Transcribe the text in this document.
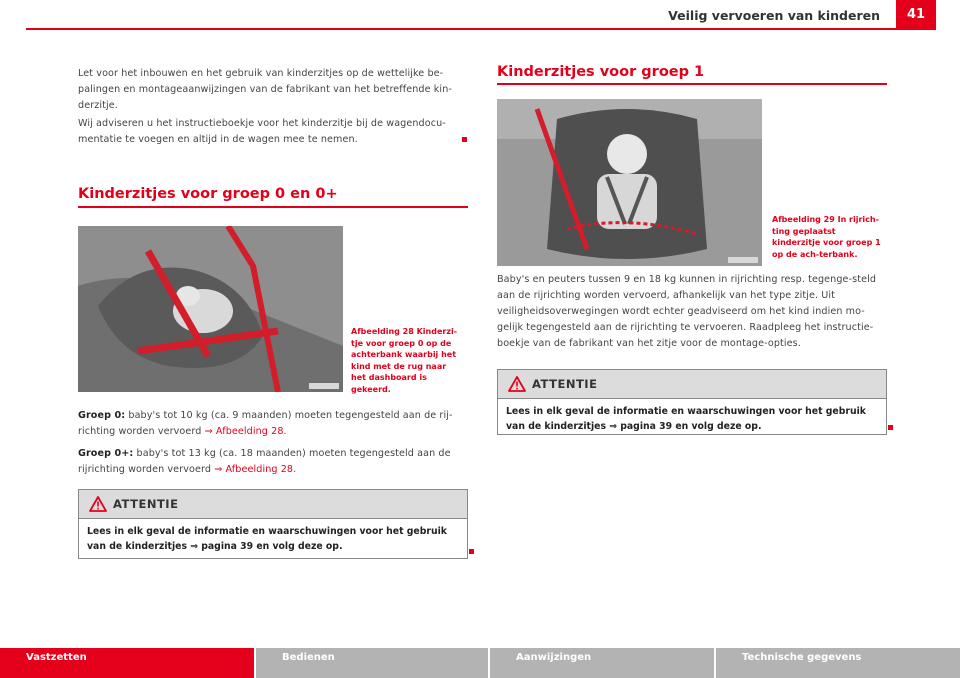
Veilig vervoeren van kinderen	41
Let voor het inbouwen en het gebruik van kinderzitjes op de wettelijke be-palingen en montageaanwijzingen van de fabrikant van het betreffende kin-derzitje.
Wij adviseren u het instructieboekje voor het kinderzitje bij de wagendocu-mentatie te voegen en altijd in de wagen mee te nemen.
Kinderzitjes voor groep 0 en 0+
Afbeelding 28 Kinderzi-tje voor groep 0 op de achterbank waarbij het kind met de rug naar het dashboard is gekeerd.
Groep 0: baby's tot 10 kg (ca. 9 maanden) moeten tegengesteld aan de rij-richting worden vervoerd ⇒ Afbeelding 28.
Groep 0+: baby's tot 13 kg (ca. 18 maanden) moeten tegengesteld aan de rijrichting worden vervoerd ⇒ Afbeelding 28.
ATTENTIE
Lees in elk geval de informatie en waarschuwingen voor het gebruik van de kinderzitjes ⇒ pagina 39 en volg deze op.
Kinderzitjes voor groep 1
Afbeelding 29 In rijrich-ting geplaatst kinderzitje voor groep 1 op de ach-terbank.
Baby's en peuters tussen 9 en 18 kg kunnen in rijrichting resp. tegenge-steld aan de rijrichting worden vervoerd, afhankelijk van het type zitje. Uit veiligheidsoverwegingen wordt echter geadviseerd om het kind indien mo-gelijk tegengesteld aan de rijrichting te vervoeren. Raadpleeg het instructie-boekje van de fabrikant van het zitje voor de montage-opties.
ATTENTIE
Lees in elk geval de informatie en waarschuwingen voor het gebruik van de kinderzitjes ⇒ pagina 39 en volg deze op.
Vastzetten	Bedienen	Aanwijzingen	Technische gegevens
